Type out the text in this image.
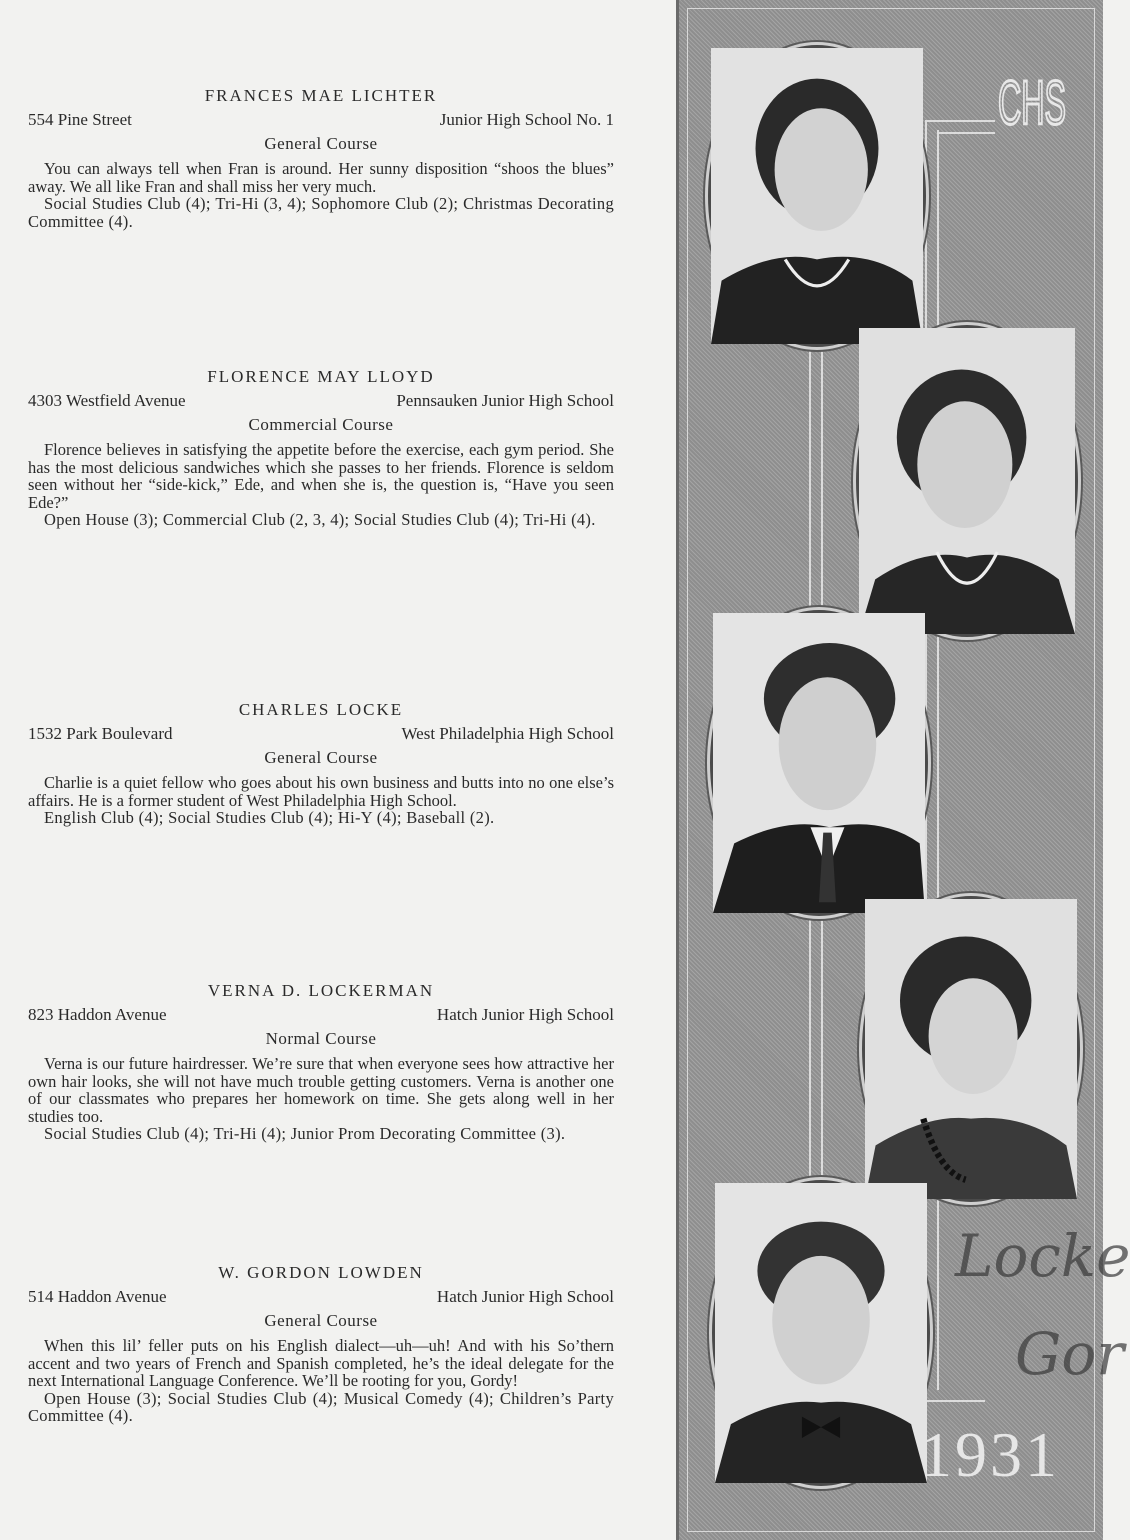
FRANCES MAE LICHTER
554 Pine Street	Junior High School No. 1
General Course
You can always tell when Fran is around. Her sunny disposition “shoos the blues” away. We all like Fran and shall miss her very much.
Social Studies Club (4); Tri-Hi (3, 4); Sophomore Club (2); Christmas Decorating Committee (4).
FLORENCE MAY LLOYD
4303 Westfield Avenue	Pennsauken Junior High School
Commercial Course
Florence believes in satisfying the appetite before the exercise, each gym period. She has the most delicious sandwiches which she passes to her friends. Florence is seldom seen without her “side-kick,” Ede, and when she is, the question is, “Have you seen Ede?”
Open House (3); Commercial Club (2, 3, 4); Social Studies Club (4); Tri-Hi (4).
CHARLES LOCKE
1532 Park Boulevard	West Philadelphia High School
General Course
Charlie is a quiet fellow who goes about his own business and butts into no one else’s affairs. He is a former student of West Philadelphia High School.
English Club (4); Social Studies Club (4); Hi-Y (4); Baseball (2).
VERNA D. LOCKERMAN
823 Haddon Avenue	Hatch Junior High School
Normal Course
Verna is our future hairdresser. We’re sure that when everyone sees how attractive her own hair looks, she will not have much trouble getting customers. Verna is another one of our classmates who prepares her homework on time. She gets along well in her studies too.
Social Studies Club (4); Tri-Hi (4); Junior Prom Decorating Committee (3).
W. GORDON LOWDEN
514 Haddon Avenue	Hatch Junior High School
General Course
When this lil’ feller puts on his English dialect—uh—uh! And with his So’thern accent and two years of French and Spanish completed, he’s the ideal delegate for the next International Language Conference. We’ll be rooting for you, Gordy!
Open House (3); Social Studies Club (4); Musical Comedy (4); Children’s Party Committee (4).
CHS
Locke
Gor
1931
